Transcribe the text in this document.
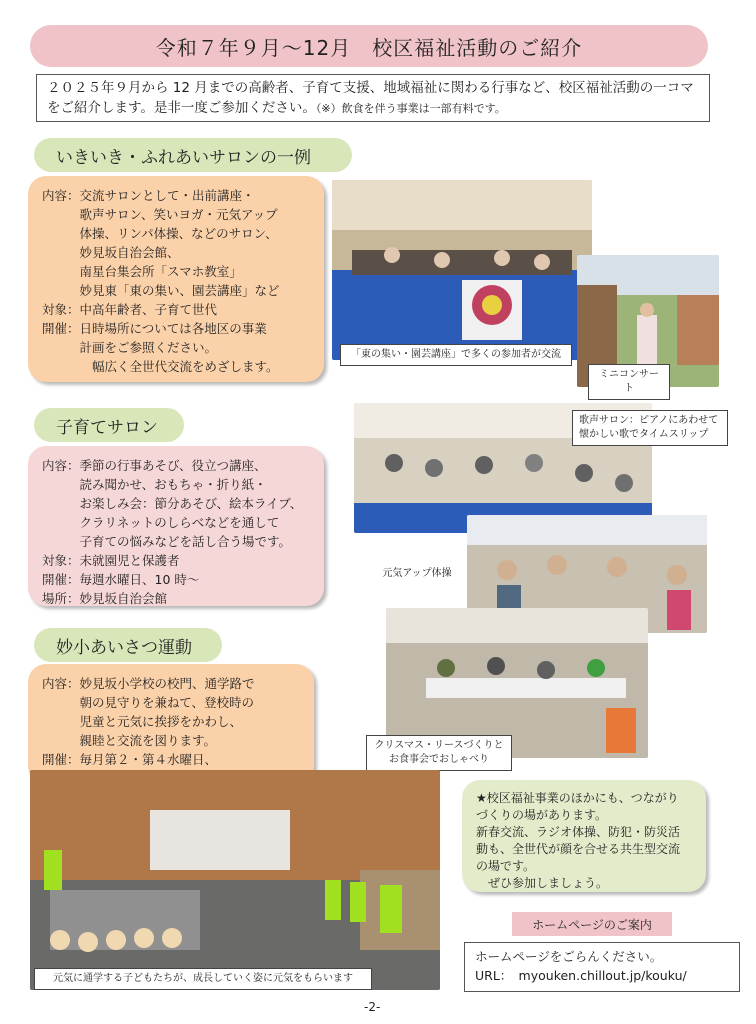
令和７年９月～12月　校区福祉活動のご紹介
２０２５年９月から 12 月までの高齢者、子育て支援、地域福祉に関わる行事など、校区福祉活動の一コマをご紹介します。是非一度ご参加ください。（※）飲食を伴う事業は一部有料です。
いきいき・ふれあいサロンの一例
内容：交流サロンとして・出前講座・
　　　歌声サロン、笑いヨガ・元気アップ
　　　体操、リンパ体操、などのサロン、
　　　妙見坂自治会館、
　　　南星台集会所「スマホ教室」
　　　妙見東「東の集い、園芸講座」など
対象：中高年齢者、子育て世代
開催：日時場所については各地区の事業
　　　計画をご参照ください。
　　　　幅広く全世代交流をめざします。
「東の集い・園芸講座」で多くの参加者が交流
ミニコンサート
子育てサロン
内容：季節の行事あそび、役立つ講座、
　　　読み聞かせ、おもちゃ・折り紙・
　　　お楽しみ会：節分あそび、絵本ライブ、
　　　クラリネットのしらべなどを通して
　　　子育ての悩みなどを話し合う場です。
対象：未就園児と保護者
開催：毎週水曜日、10 時～
場所：妙見坂自治会館
歌声サロン：ピアノにあわせて
懐かしい歌でタイムスリップ
元気アップ体操
妙小あいさつ運動
内容：妙見坂小学校の校門、通学路で
　　　朝の見守りを兼ねて、登校時の
　　　児童と元気に挨拶をかわし、
　　　親睦と交流を図ります。
開催：毎月第２・第４水曜日、

クリスマス・リースづくりと
お食事会でおしゃべり
★校区福祉事業のほかにも、つながり
づくりの場があります。
新春交流、ラジオ体操、防犯・防災活
動も、全世代が顔を合せる共生型交流
の場です。
　ぜひ参加しましょう。
元気に通学する子どもたちが、成長していく姿に元気をもらいます
ホームページのご案内
ホームページをごらんください。
URL：　myouken.chillout.jp/kouku/
-2-
